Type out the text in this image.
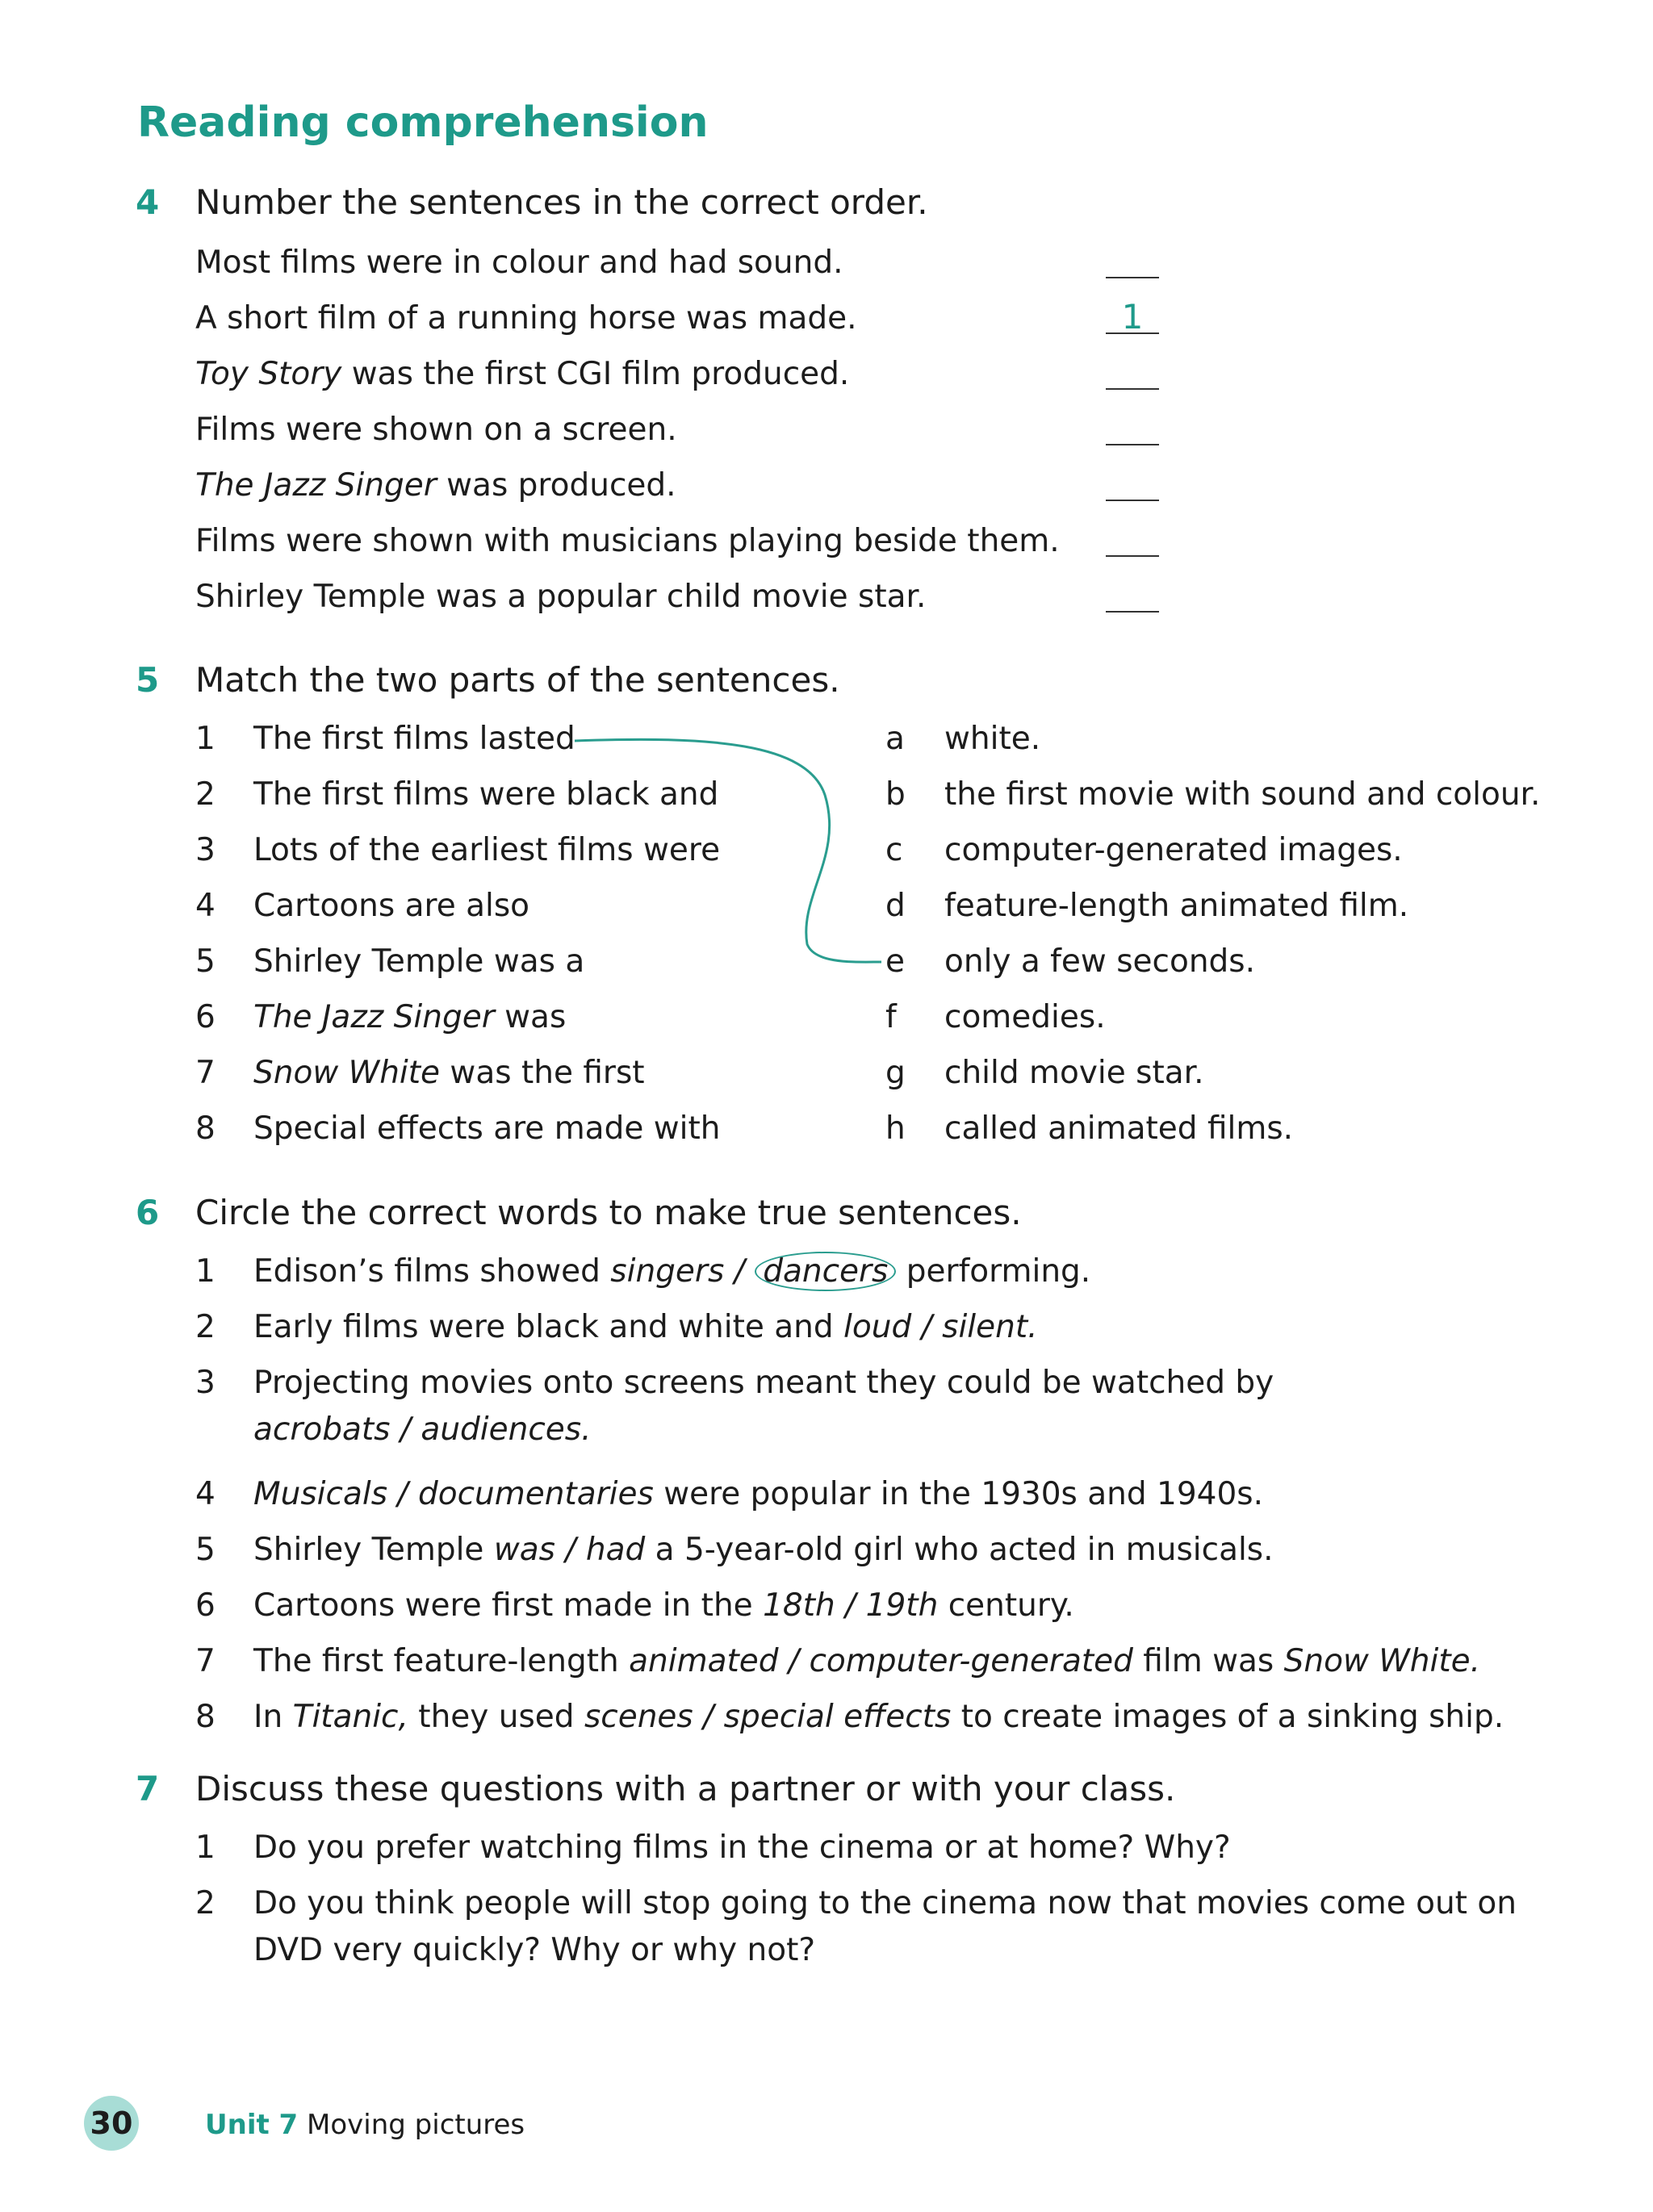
Reading comprehension
4 Number the sentences in the correct order.
Most films were in colour and had sound.
A short film of a running horse was made.	1
Toy Story was the first CGI film produced.
Films were shown on a screen.
The Jazz Singer was produced.
Films were shown with musicians playing beside them.
Shirley Temple was a popular child movie star.
5 Match the two parts of the sentences.
1 The first films lasted
2 The first films were black and
3 Lots of the earliest films were
4 Cartoons are also
5 Shirley Temple was a
6 The Jazz Singer was
7 Snow White was the first
8 Special effects are made with
a white.
b the first movie with sound and colour.
c computer-generated images.
d feature-length animated film.
e only a few seconds.
f comedies.
g child movie star.
h called animated films.
6 Circle the correct words to make true sentences.
1 Edison’s films showed singers / dancers performing.
2 Early films were black and white and loud / silent.
3 Projecting movies onto screens meant they could be watched by
acrobats / audiences.
4 Musicals / documentaries were popular in the 1930s and 1940s.
5 Shirley Temple was / had a 5-year-old girl who acted in musicals.
6 Cartoons were first made in the 18th / 19th century.
7 The first feature-length animated / computer-generated film was Snow White.
8 In Titanic, they used scenes / special effects to create images of a sinking ship.
7 Discuss these questions with a partner or with your class.
1 Do you prefer watching films in the cinema or at home? Why?
2 Do you think people will stop going to the cinema now that movies come out on
DVD very quickly? Why or why not?
30	Unit 7 Moving pictures
